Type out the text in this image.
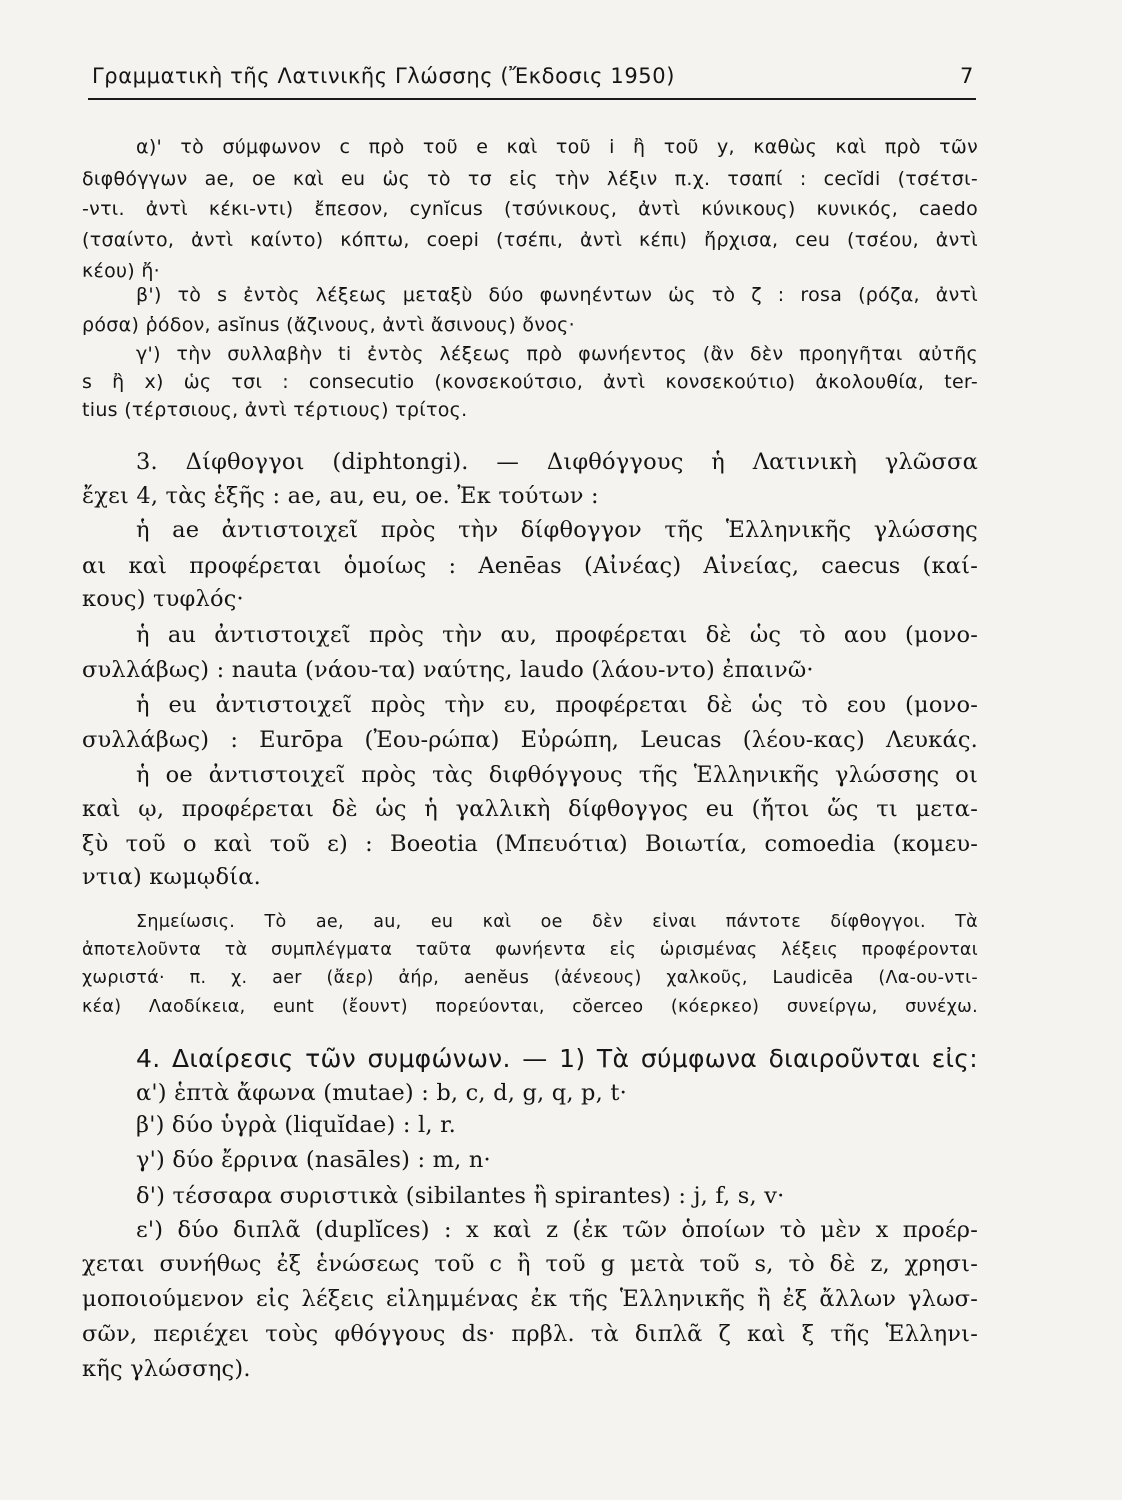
Γραμματικὴ τῆς Λατινικῆς Γλώσσης (Ἔκδοσις 1950)	7
α)' τὸ σύμφωνον c πρὸ τοῦ e καὶ τοῦ i ἢ τοῦ y, καθὼς καὶ πρὸ τῶν
διφθόγγων ae, oe καὶ eu ὡς τὸ τσ εἰς τὴν λέξιν π.χ. τσαπί : cecĭdi (τσέτσι-
-ντι. ἀντὶ κέκι-ντι) ἔπεσον, cynĭcus (τσύνικους, ἀντὶ κύνικους) κυνικός, caedo
(τσαίντο, ἀντὶ καίντο) κόπτω, coepi (τσέπι, ἀντὶ κέπι) ἤρχισα, ceu (τσέου, ἀντὶ
κέου) ἤ·
β') τὸ s ἐντὸς λέξεως μεταξὺ δύο φωνηέντων ὡς τὸ ζ : rosa (ρόζα, ἀντὶ
ρόσα) ῥόδον, asĭnus (ἄζινους, ἀντὶ ἄσινους) ὄνος·
γ') τὴν συλλαβὴν ti ἐντὸς λέξεως πρὸ φωνήεντος (ἂν δὲν προηγῆται αὐτῆς
s ἢ x) ὡς τσι : consecutio (κονσεκούτσιο, ἀντὶ κονσεκούτιο) ἀκολουθία, ter-
tius (τέρτσιους, ἀντὶ τέρτιους) τρίτος.
3. Δίφθογγοι (diphtongi). — Διφθόγγους ἡ Λατινικὴ γλῶσσα
ἔχει 4, τὰς ἑξῆς : ae, au, eu, oe. Ἐκ τούτων :
ἡ ae ἀντιστοιχεῖ πρὸς τὴν δίφθογγον τῆς Ἑλληνικῆς γλώσσης
αι καὶ προφέρεται ὁμοίως : Aenēas (Αἰνέας) Αἰνείας, caecus (καί-
κους) τυφλός·
ἡ au ἀντιστοιχεῖ πρὸς τὴν αυ, προφέρεται δὲ ὡς τὸ αου (μονο-
συλλάβως) : nauta (νάου-τα) ναύτης, laudo (λάου-ντο) ἐπαινῶ·
ἡ eu ἀντιστοιχεῖ πρὸς τὴν ευ, προφέρεται δὲ ὡς τὸ εου (μονο-
συλλάβως) : Eurōpa (Ἐου-ρώπα) Εὐρώπη, Leucas (λέου-κας) Λευκάς.
ἡ oe ἀντιστοιχεῖ πρὸς τὰς διφθόγγους τῆς Ἑλληνικῆς γλώσσης οι
καὶ ῳ, προφέρεται δὲ ὡς ἡ γαλλικὴ δίφθογγος eu (ἤτοι ὥς τι μετα-
ξὺ τοῦ ο καὶ τοῦ ε) : Boeotia (Μπευότια) Βοιωτία, comoedia (κομευ-
ντια) κωμῳδία.
Σημείωσις. Τὸ ae, au, eu καὶ oe δὲν εἶναι πάντοτε δίφθογγοι. Τὰ
ἀποτελοῦντα τὰ συμπλέγματα ταῦτα φωνήεντα εἰς ὡρισμένας λέξεις προφέρονται
χωριστά· π. χ. aer (ἄερ) ἀήρ, aenĕus (ἀένεους) χαλκοῦς, Laudicēa (Λα-ου-ντι-
κέα) Λαοδίκεια, eunt (ἔουντ) πορεύονται, cŏerceo (κόερκεο) συνείργω, συνέχω.
4. Διαίρεσις τῶν συμφώνων. — 1) Τὰ σύμφωνα διαιροῦνται εἰς:
α') ἑπτὰ ἄφωνα (mutae) : b, c, d, g, q, p, t·
β') δύο ὑγρὰ (liquĭdae) : l, r.
γ') δύο ἔρρινα (nasāles) : m, n·
δ') τέσσαρα συριστικὰ (sibilantes ἢ spirantes) : j, f, s, v·
ε') δύο διπλᾶ (duplĭces) : x καὶ z (ἐκ τῶν ὁποίων τὸ μὲν x προέρ-
χεται συνήθως ἐξ ἑνώσεως τοῦ c ἢ τοῦ g μετὰ τοῦ s, τὸ δὲ z, χρησι-
μοποιούμενον εἰς λέξεις εἰλημμένας ἐκ τῆς Ἑλληνικῆς ἢ ἐξ ἄλλων γλωσ-
σῶν, περιέχει τοὺς φθόγγους ds· πρβλ. τὰ διπλᾶ ζ καὶ ξ τῆς Ἑλληνι-
κῆς γλώσσης).
